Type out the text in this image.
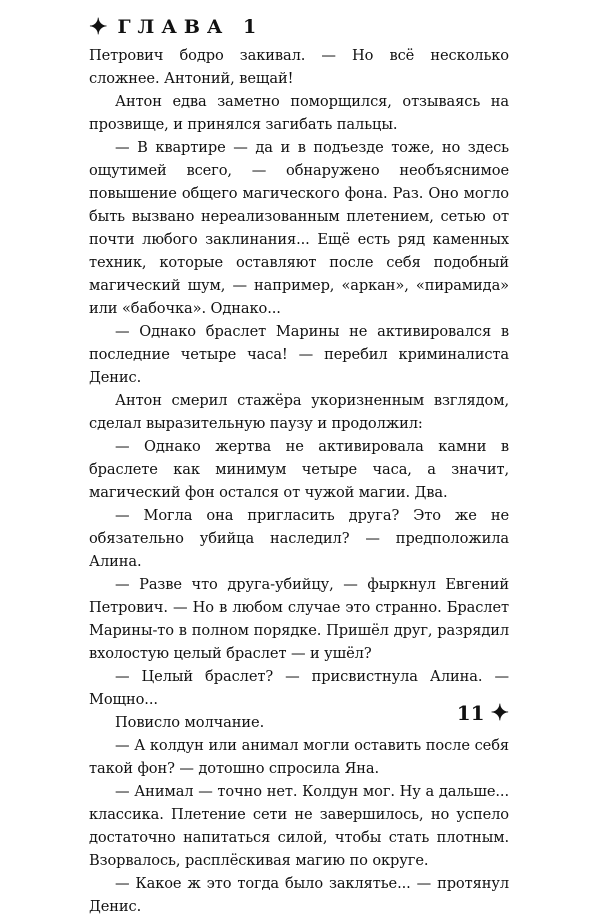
✦ ГЛАВА 1

Петрович бодро закивал. — Но всё несколько сложнее. Антоний, вещай!

Антон едва заметно поморщился, отзываясь на прозвище, и принялся загибать пальцы.

— В квартире — да и в подъезде тоже, но здесь ощутимей всего, — обнаружено необъяснимое повышение общего магического фона. Раз. Оно могло быть вызвано нереализованным плетением, сетью от почти любого заклинания... Ещё есть ряд каменных техник, которые оставляют после себя подобный магический шум, — например, «аркан», «пирамида» или «бабочка». Однако...

— Однако браслет Марины не активировался в последние четыре часа! — перебил криминалиста Денис.

Антон смерил стажёра укоризненным взглядом, сделал выразительную паузу и продолжил:

— Однако жертва не активировала камни в браслете как минимум четыре часа, а значит, магический фон остался от чужой магии. Два.

— Могла она пригласить друга? Это же не обязательно убийца наследил? — предположила Алина.

— Разве что друга-убийцу, — фыркнул Евгений Петрович. — Но в любом случае это странно. Браслет Марины-то в полном порядке. Пришёл друг, разрядил вхолостую целый браслет — и ушёл?

— Целый браслет? — присвистнула Алина. — Мощно...

Повисло молчание.

— А колдун или анимал могли оставить после себя такой фон? — дотошно спросила Яна.

— Анимал — точно нет. Колдун мог. Ну а дальше... классика. Плетение сети не завершилось, но успело достаточно напитаться силой, чтобы стать плотным. Взорвалось, расплёскивая магию по округе.

— Какое ж это тогда было заклятье... — протянул Денис.

11 ✦
